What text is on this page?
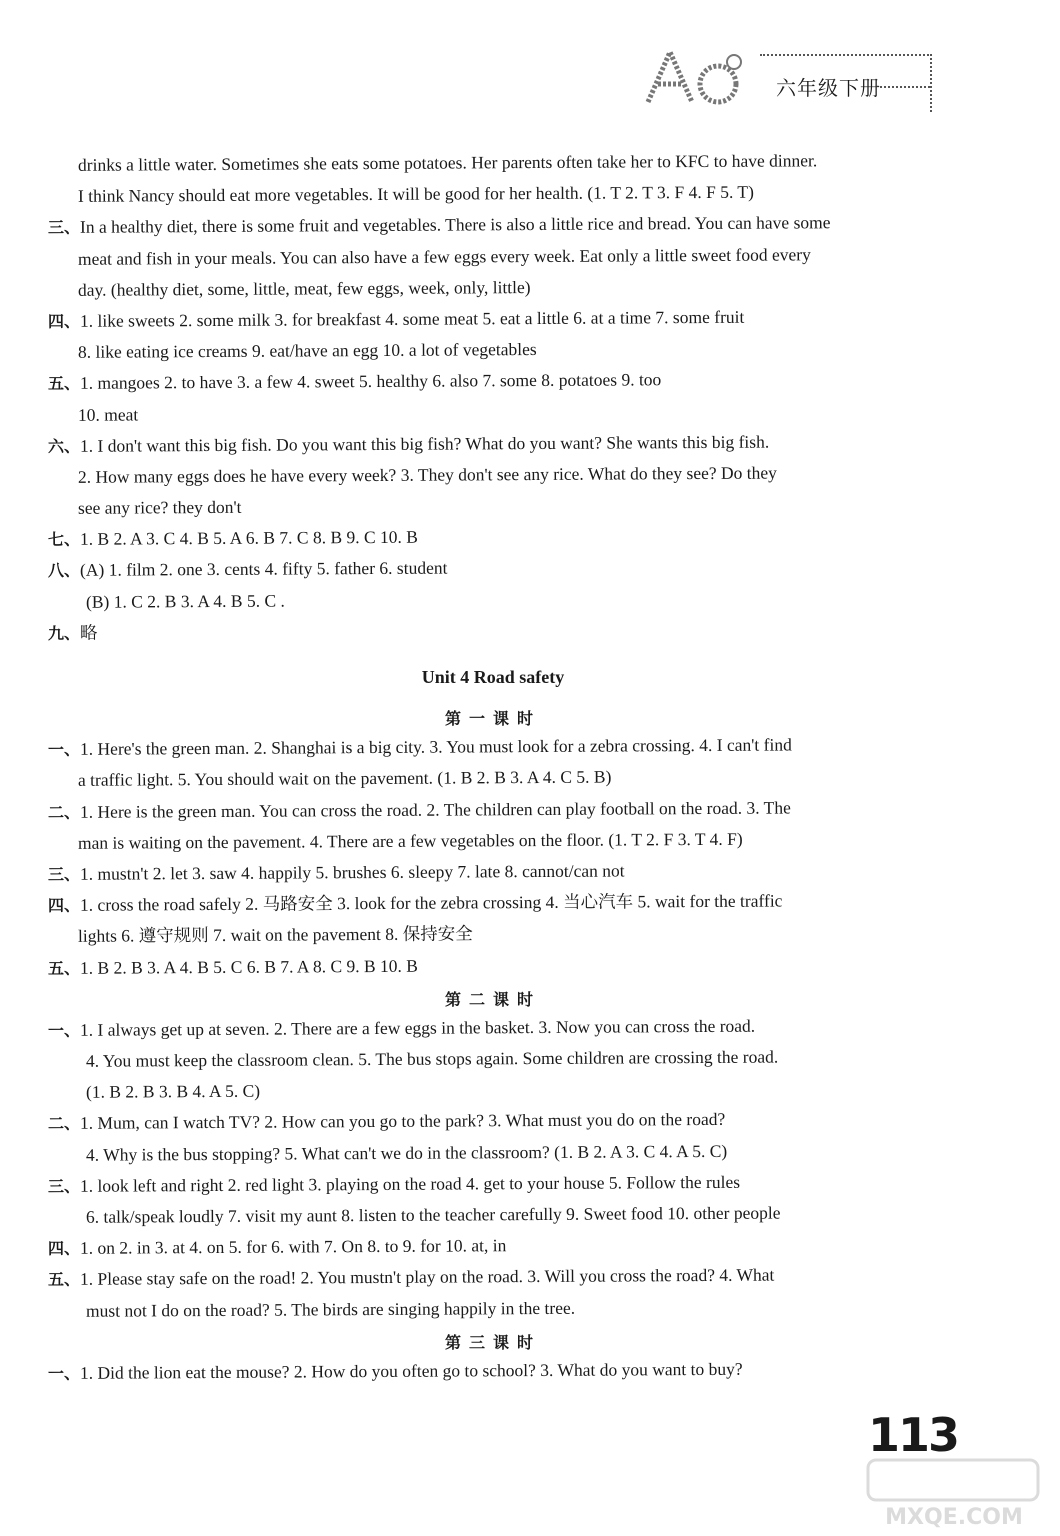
六年级下册
drinks a little water. Sometimes she eats some potatoes. Her parents often take her to KFC to have dinner.
I think Nancy should eat more vegetables. It will be good for her health. (1. T 2. T 3. F 4. F 5. T)
三、In a healthy diet, there is some fruit and vegetables. There is also a little rice and bread. You can have some
meat and fish in your meals. You can also have a few eggs every week. Eat only a little sweet food every
day. (healthy diet, some, little, meat, few eggs, week, only, little)
四、1. like sweets 2. some milk 3. for breakfast 4. some meat 5. eat a little 6. at a time 7. some fruit
8. like eating ice creams 9. eat/have an egg 10. a lot of vegetables
五、1. mangoes 2. to have 3. a few 4. sweet 5. healthy 6. also 7. some 8. potatoes 9. too
10. meat
六、1. I don't want this big fish. Do you want this big fish? What do you want? She wants this big fish.
2. How many eggs does he have every week? 3. They don't see any rice. What do they see? Do they
see any rice? they don't
七、1. B 2. A 3. C 4. B 5. A 6. B 7. C 8. B 9. C 10. B
八、(A) 1. film 2. one 3. cents 4. fifty 5. father 6. student
(B) 1. C 2. B 3. A 4. B 5. C .
九、略
Unit 4 Road safety
第一课时
一、1. Here's the green man. 2. Shanghai is a big city. 3. You must look for a zebra crossing. 4. I can't find
a traffic light. 5. You should wait on the pavement. (1. B 2. B 3. A 4. C 5. B)
二、1. Here is the green man. You can cross the road. 2. The children can play football on the road. 3. The
man is waiting on the pavement. 4. There are a few vegetables on the floor. (1. T 2. F 3. T 4. F)
三、1. mustn't 2. let 3. saw 4. happily 5. brushes 6. sleepy 7. late 8. cannot/can not
四、1. cross the road safely 2. 马路安全 3. look for the zebra crossing 4. 当心汽车 5. wait for the traffic
lights 6. 遵守规则 7. wait on the pavement 8. 保持安全
五、1. B 2. B 3. A 4. B 5. C 6. B 7. A 8. C 9. B 10. B
第二课时
一、1. I always get up at seven. 2. There are a few eggs in the basket. 3. Now you can cross the road.
4. You must keep the classroom clean. 5. The bus stops again. Some children are crossing the road.
(1. B 2. B 3. B 4. A 5. C)
二、1. Mum, can I watch TV? 2. How can you go to the park? 3. What must you do on the road?
4. Why is the bus stopping? 5. What can't we do in the classroom? (1. B 2. A 3. C 4. A 5. C)
三、1. look left and right 2. red light 3. playing on the road 4. get to your house 5. Follow the rules
6. talk/speak loudly 7. visit my aunt 8. listen to the teacher carefully 9. Sweet food 10. other people
四、1. on 2. in 3. at 4. on 5. for 6. with 7. On 8. to 9. for 10. at, in
五、1. Please stay safe on the road! 2. You mustn't play on the road. 3. Will you cross the road? 4. What
must not I do on the road? 5. The birds are singing happily in the tree.
第三课时
一、1. Did the lion eat the mouse? 2. How do you often go to school? 3. What do you want to buy?
113
MXQE.COM
